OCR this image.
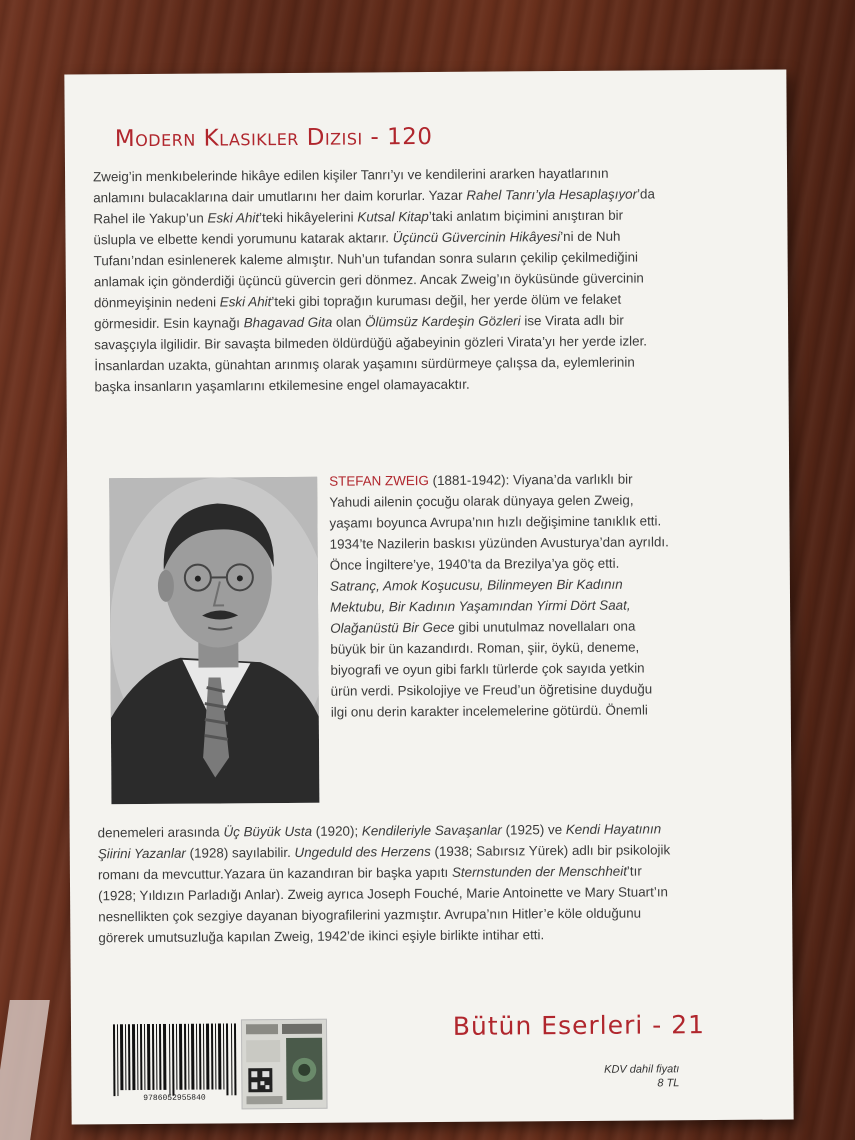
Modern Klasikler Dizisi - 120

Zweig’in menkıbelerinde hikâye edilen kişiler Tanrı’yı ve kendilerini ararken hayatlarının anlamını bulacaklarına dair umutlarını her daim korurlar. Yazar Rahel Tanrı’yla Hesaplaşıyor’da Rahel ile Yakup’un Eski Ahit’teki hikâyelerini Kutsal Kitap’taki anlatım biçimini anıştıran bir üslupla ve elbette kendi yorumunu katarak aktarır. Üçüncü Güvercinin Hikâyesi’ni de Nuh Tufanı’ndan esinlenerek kaleme almıştır. Nuh’un tufandan sonra suların çekilip çekilmediğini anlamak için gönderdiği üçüncü güvercin geri dönmez. Ancak Zweig’ın öyküsünde güvercinin dönmeyişinin nedeni Eski Ahit’teki gibi toprağın kuruması değil, her yerde ölüm ve felaket görmesidir. Esin kaynağı Bhagavad Gita olan Ölümsüz Kardeşin Gözleri ise Virata adlı bir savaşçıyla ilgilidir. Bir savaşta bilmeden öldürdüğü ağabeyinin gözleri Virata’yı her yerde izler. İnsanlardan uzakta, günahtan arınmış olarak yaşamını sürdürmeye çalışsa da, eylemlerinin başka insanların yaşamlarını etkilemesine engel olamayacaktır.

STEFAN ZWEIG (1881-1942): Viyana’da varlıklı bir Yahudi ailenin çocuğu olarak dünyaya gelen Zweig, yaşamı boyunca Avrupa’nın hızlı değişimine tanıklık etti. 1934’te Nazilerin baskısı yüzünden Avusturya’dan ayrıldı. Önce İngiltere’ye, 1940’ta da Brezilya’ya göç etti. Satranç, Amok Koşucusu, Bilinmeyen Bir Kadının Mektubu, Bir Kadının Yaşamından Yirmi Dört Saat, Olağanüstü Bir Gece gibi unutulmaz novellaları ona büyük bir ün kazandırdı. Roman, şiir, öykü, deneme, biyografi ve oyun gibi farklı türlerde çok sayıda yetkin ürün verdi. Psikolojiye ve Freud’un öğretisine duyduğu ilgi onu derin karakter incelemelerine götürdü. Önemli

denemeleri arasında Üç Büyük Usta (1920); Kendileriyle Savaşanlar (1925) ve Kendi Hayatının Şiirini Yazanlar (1928) sayılabilir. Ungeduld des Herzens (1938; Sabırsız Yürek) adlı bir psikolojik romanı da mevcuttur.Yazara ün kazandıran bir başka yapıtı Sternstunden der Menschheit’tır (1928; Yıldızın Parladığı Anlar). Zweig ayrıca Joseph Fouché, Marie Antoinette ve Mary Stuart’ın nesnellikten çok sezgiye dayanan biyografilerini yazmıştır. Avrupa’nın Hitler’e köle olduğunu görerek umutsuzluğa kapılan Zweig, 1942’de ikinci eşiyle birlikte intihar etti.

Bütün Eserleri - 21
9786052955840
KDV dahil fiyatı
8 TL
